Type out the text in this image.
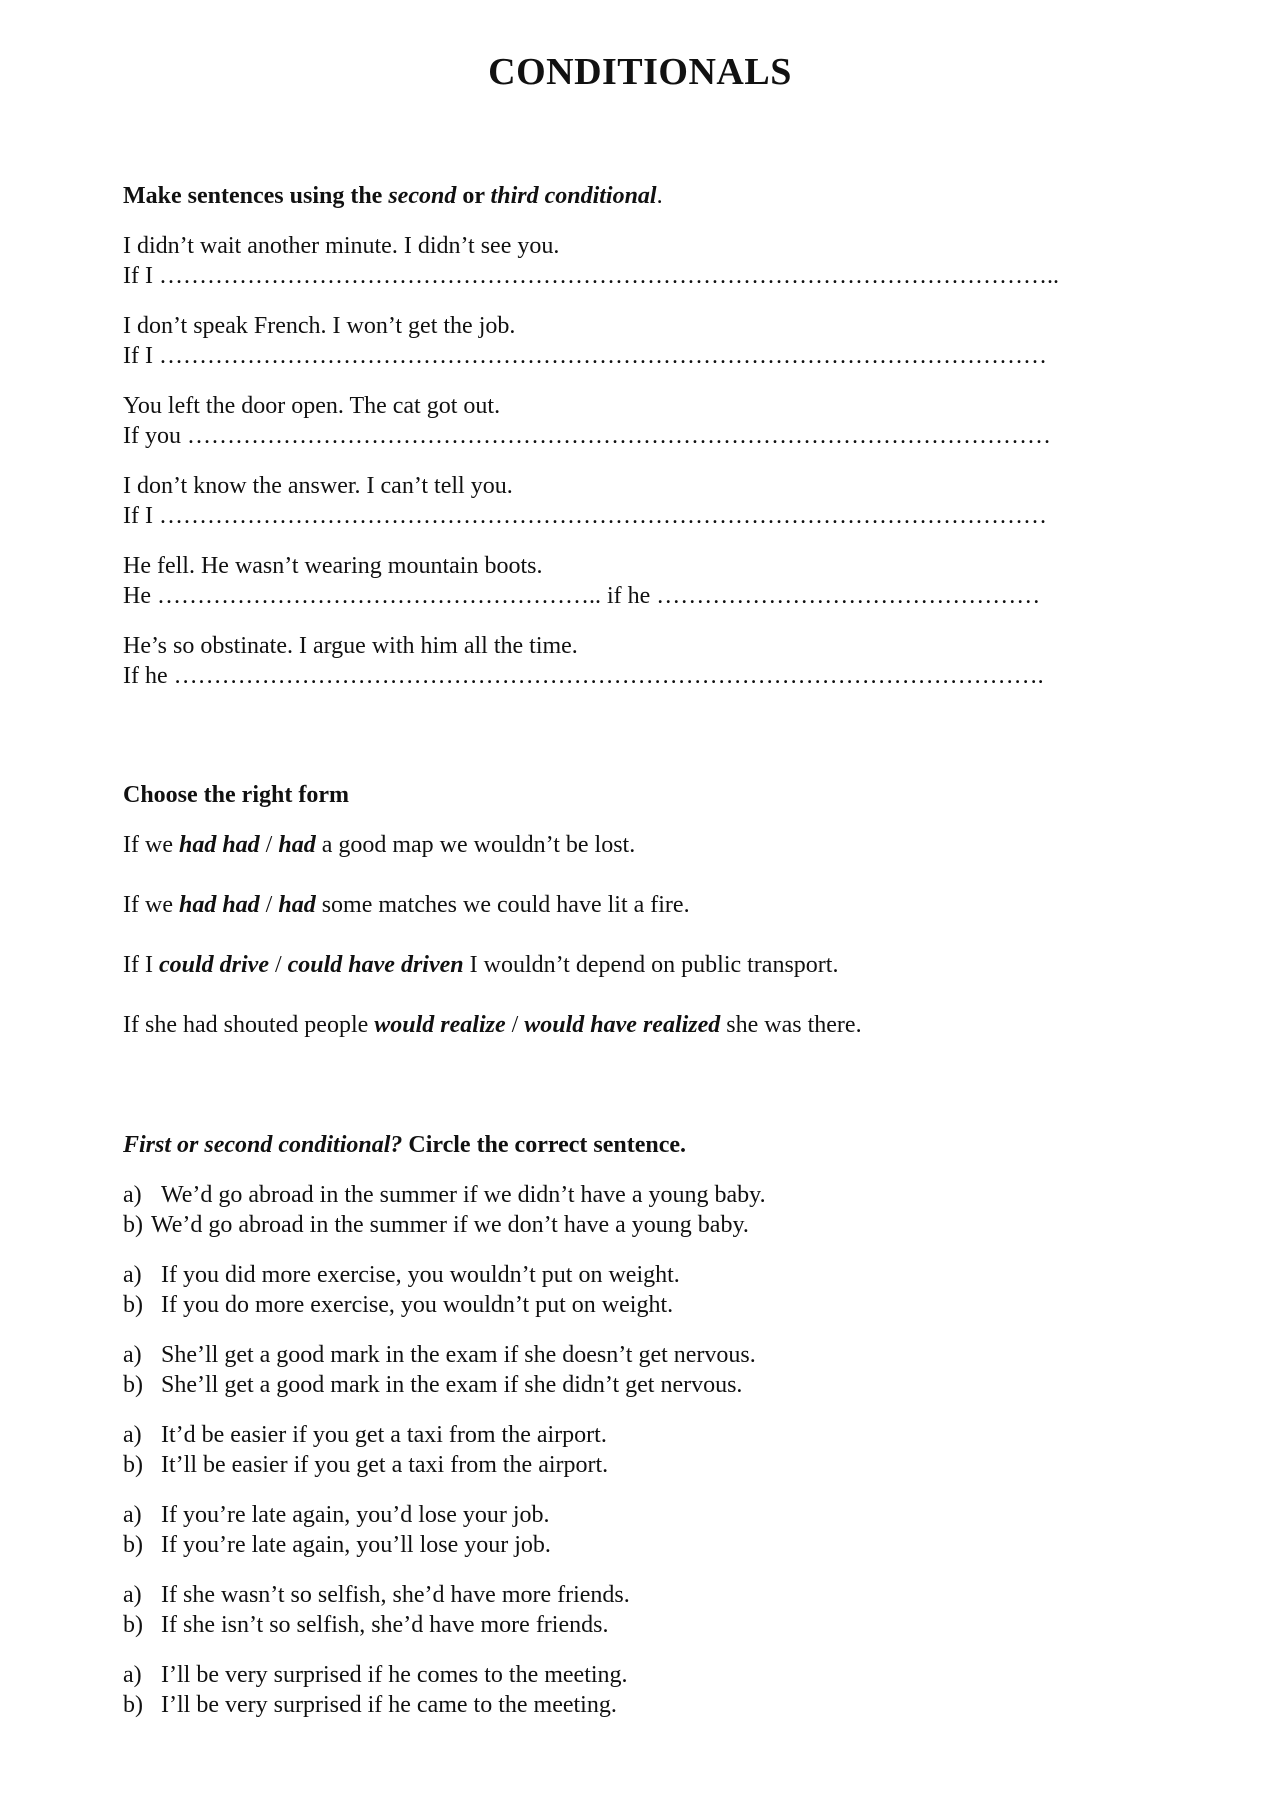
CONDITIONALS
Make sentences using the second or third conditional.
I didn’t wait another minute. I didn’t see you.
If I …………………………………………………………………………………………………..
I don’t speak French. I won’t get the job.
If I …………………………………………………………………………………………………
You left the door open. The cat got out.
If you ………………………………………………………………………………………………
I don’t know the answer. I can’t tell you.
If I …………………………………………………………………………………………………
He fell. He wasn’t wearing mountain boots.
He ……………………………………………….. if he …………………………………………
He’s so obstinate. I argue with him all the time.
If he ……………………………………………………………………………………………….
Choose the right form
If we had had / had a good map we wouldn’t be lost.
If we had had / had some matches we could have lit a fire.
If I could drive / could have driven I wouldn’t depend on public transport.
If she had shouted people would realize / would have realized she was there.
First or second conditional? Circle the correct sentence.
a) We’d go abroad in the summer if we didn’t have a young baby.
b) We’d go abroad in the summer if we don’t have a young baby.
a) If you did more exercise, you wouldn’t put on weight.
b) If you do more exercise, you wouldn’t put on weight.
a) She’ll get a good mark in the exam if she doesn’t get nervous.
b) She’ll get a good mark in the exam if she didn’t get nervous.
a) It’d be easier if you get a taxi from the airport.
b) It’ll be easier if you get a taxi from the airport.
a) If you’re late again, you’d lose your job.
b) If you’re late again, you’ll lose your job.
a) If she wasn’t so selfish, she’d have more friends.
b) If she isn’t so selfish, she’d have more friends.
a) I’ll be very surprised if he comes to the meeting.
b) I’ll be very surprised if he came to the meeting.
